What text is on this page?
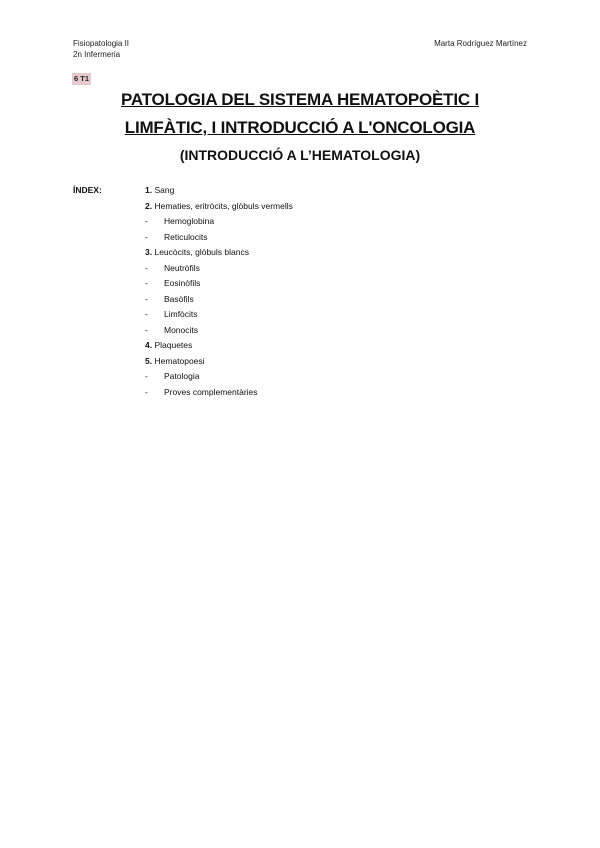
Fisiopatologia II
2n Infermeria
Marta Rodríguez Martínez
6 T1
PATOLOGIA DEL SISTEMA HEMATOPOÈTIC I
LIMFÀTIC, I INTRODUCCIÓ A L'ONCOLOGIA
(INTRODUCCIÓ A L’HEMATOLOGIA)
ÍNDEX:	1. Sang
2. Hematies, eritròcits, glòbuls vermells
- Hemoglobina
- Reticulocits
3. Leucòcits, glòbuls blancs
- Neutròfils
- Eosinòfils
- Basòfils
- Limfòcits
- Monocits
4. Plaquetes
5. Hematopoesi
- Patologia
- Proves complementàries
